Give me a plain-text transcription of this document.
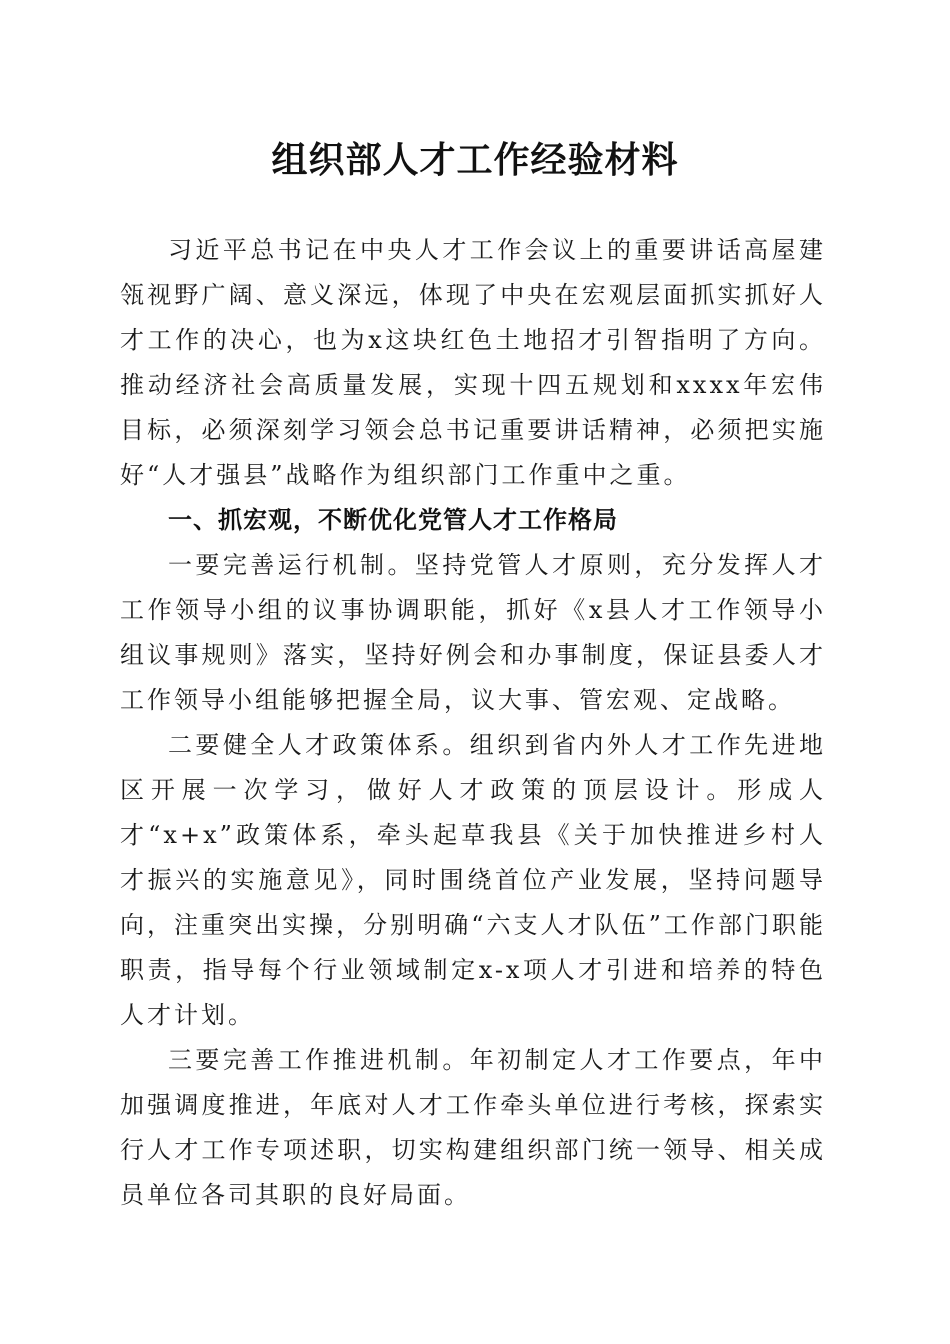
组织部人才工作经验材料

习近平总书记在中央人才工作会议上的重要讲话高屋建瓴视野广阔、意义深远，体现了中央在宏观层面抓实抓好人才工作的决心，也为x这块红色土地招才引智指明了方向。推动经济社会高质量发展，实现十四五规划和xxxx年宏伟目标，必须深刻学习领会总书记重要讲话精神，必须把实施好“人才强县”战略作为组织部门工作重中之重。

一、抓宏观，不断优化党管人才工作格局

一要完善运行机制。坚持党管人才原则，充分发挥人才工作领导小组的议事协调职能，抓好《x县人才工作领导小组议事规则》落实，坚持好例会和办事制度，保证县委人才工作领导小组能够把握全局，议大事、管宏观、定战略。

二要健全人才政策体系。组织到省内外人才工作先进地区开展一次学习，做好人才政策的顶层设计。形成人才“x+x”政策体系，牵头起草我县《关于加快推进乡村人才振兴的实施意见》，同时围绕首位产业发展，坚持问题导向，注重突出实操，分别明确“六支人才队伍”工作部门职能职责，指导每个行业领域制定x-x项人才引进和培养的特色人才计划。

三要完善工作推进机制。年初制定人才工作要点，年中加强调度推进，年底对人才工作牵头单位进行考核，探索实行人才工作专项述职，切实构建组织部门统一领导、相关成员单位各司其职的良好局面。
